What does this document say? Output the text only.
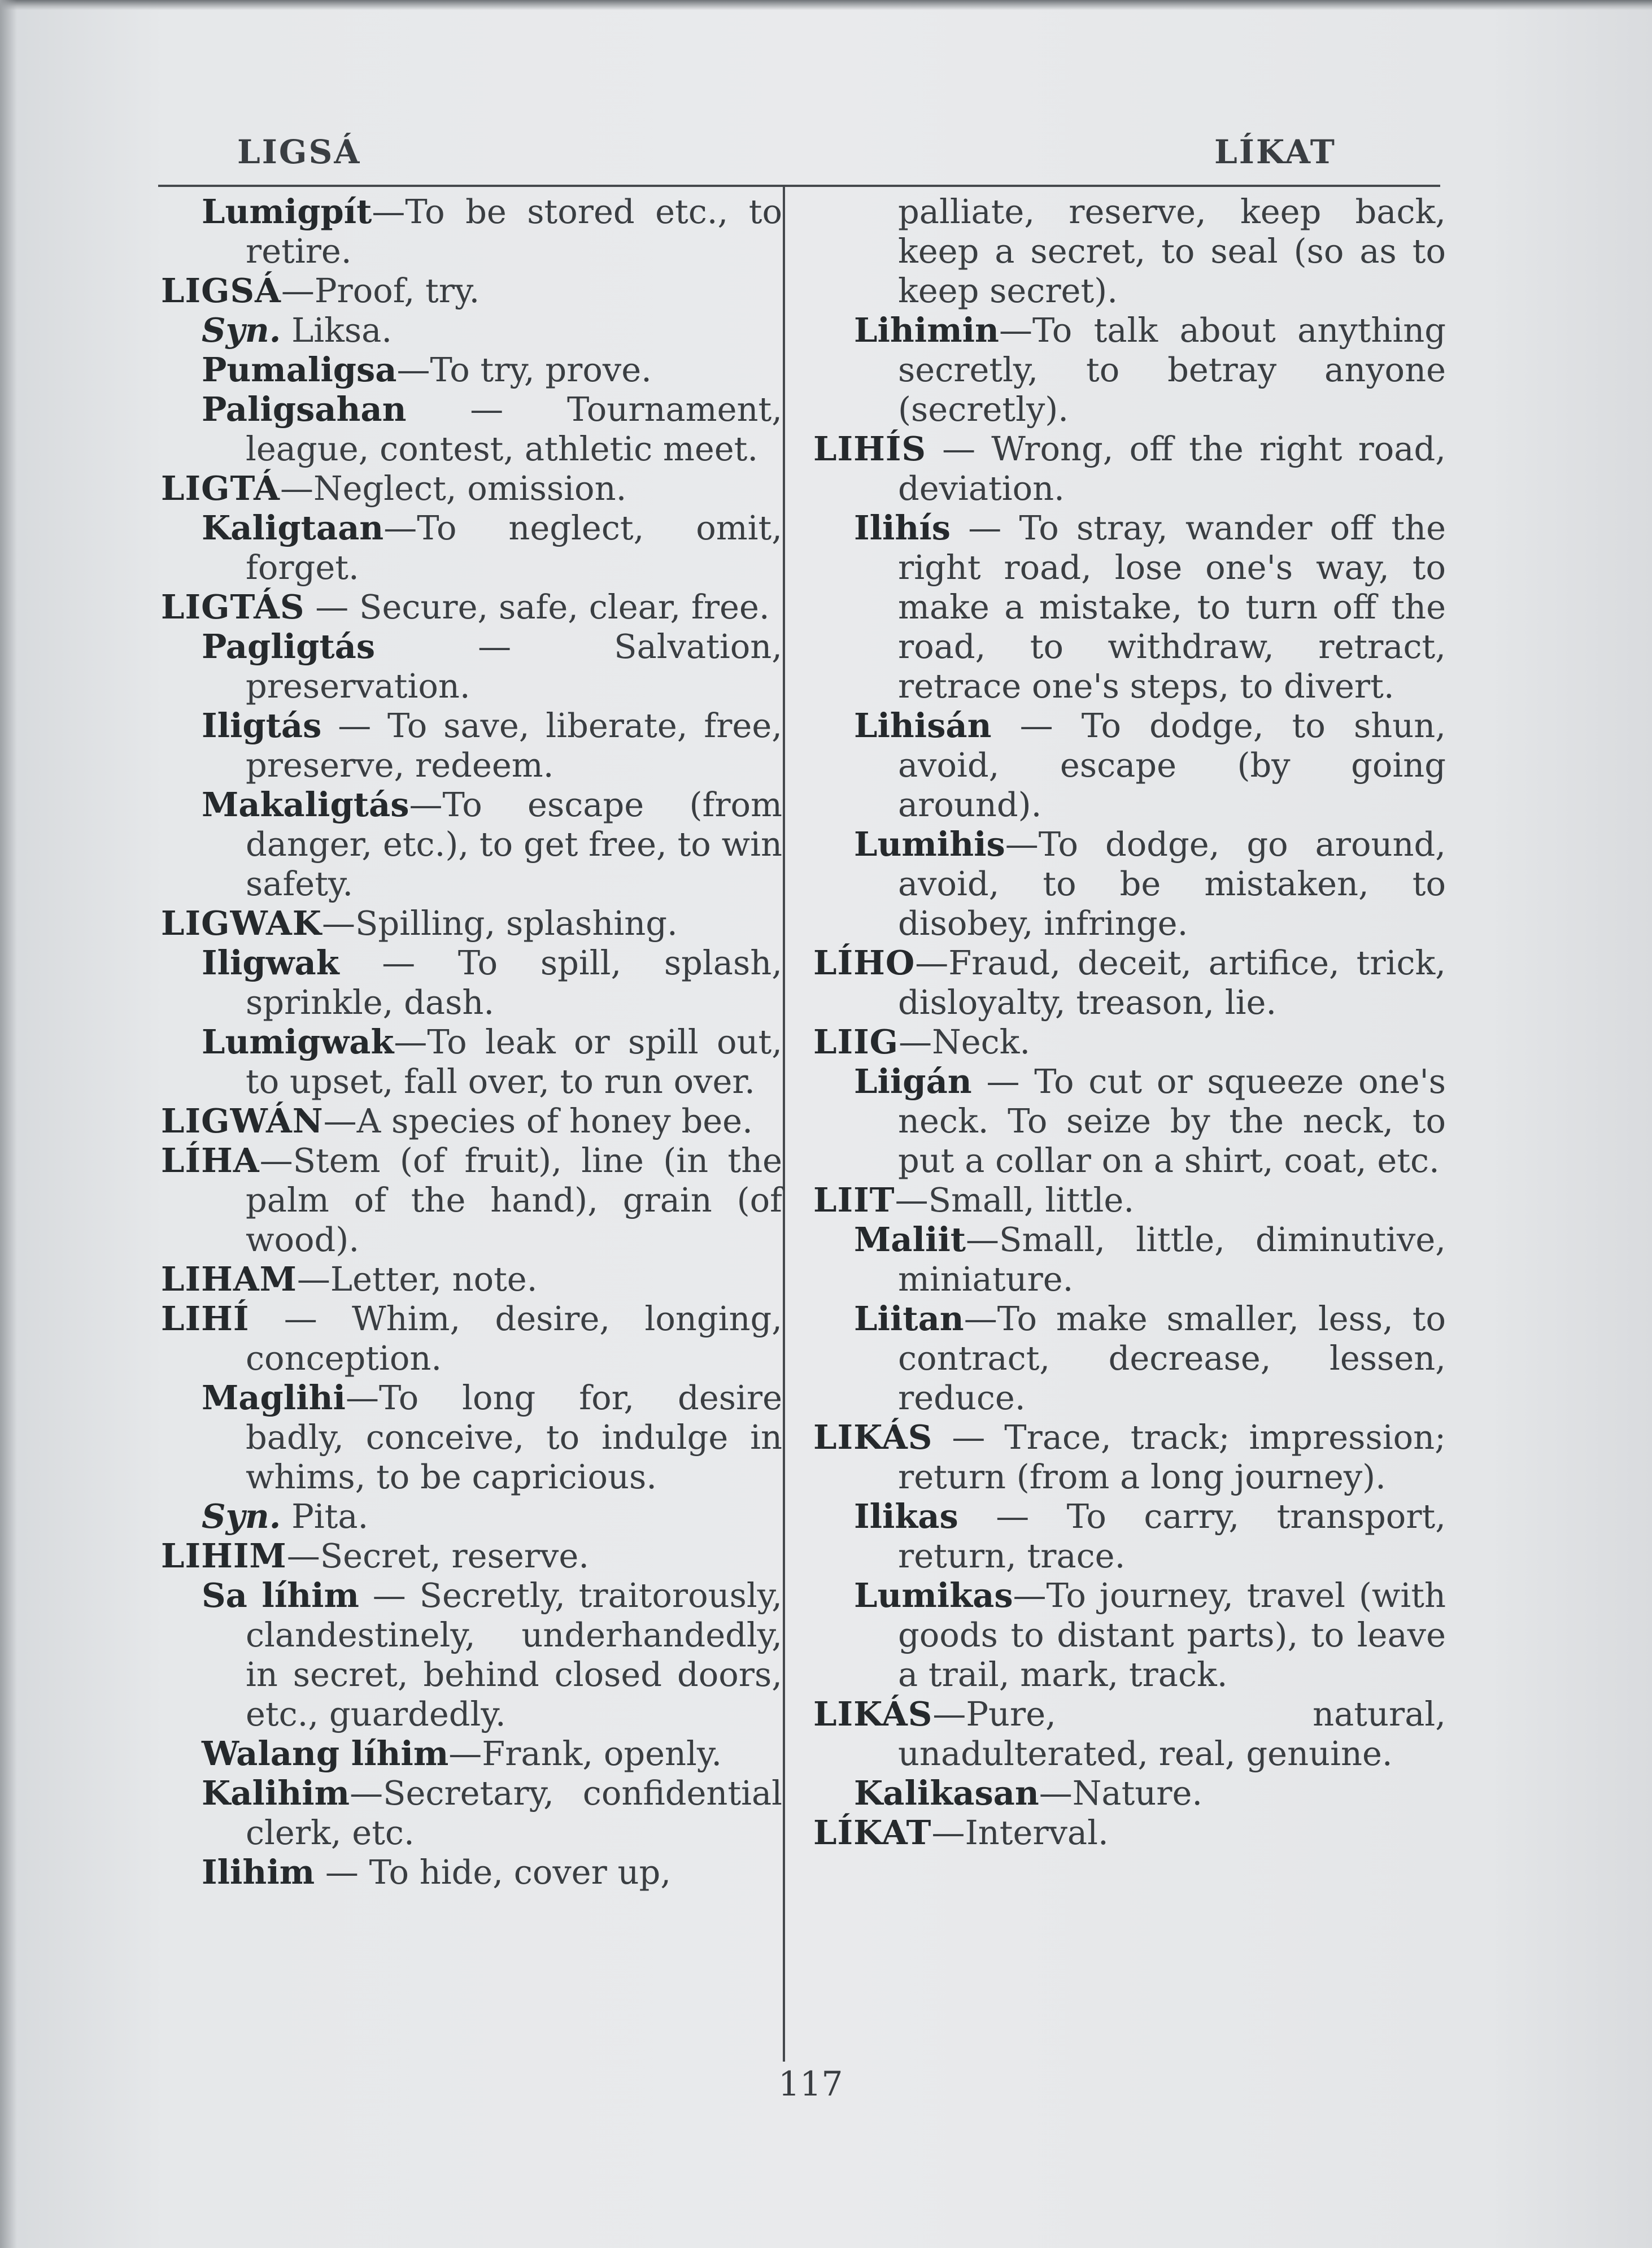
LIGSÁ	LÍKAT

Lumigpít—To be stored etc., to retire.

LIGSÁ—Proof, try.

Syn. Liksa.

Pumaligsa—To try, prove.

Paligsahan — Tournament, league, contest, athletic meet.

LIGTÁ—Neglect, omission.

Kaligtaan—To neglect, omit, forget.

LIGTÁS — Secure, safe, clear, free.

Pagligtás — Salvation, preservation.

Iligtás — To save, liberate, free, preserve, redeem.

Makaligtás—To escape (from danger, etc.), to get free, to win safety.

LIGWAK—Spilling, splashing.

Iligwak — To spill, splash, sprinkle, dash.

Lumigwak—To leak or spill out, to upset, fall over, to run over.

LIGWÁN—A species of honey bee.

LÍHA—Stem (of fruit), line (in the palm of the hand), grain (of wood).

LIHAM—Letter, note.

LIHÍ — Whim, desire, longing, conception.

Maglihi—To long for, desire badly, conceive, to indulge in whims, to be capricious.

Syn. Pita.

LIHIM—Secret, reserve.

Sa líhim — Secretly, traitorously, clandestinely, underhandedly, in secret, behind closed doors, etc., guardedly.

Walang líhim—Frank, openly.

Kalihim—Secretary, confidential clerk, etc.

Ilihim — To hide, cover up,

palliate, reserve, keep back, keep a secret, to seal (so as to keep secret).

Lihimin—To talk about anything secretly, to betray anyone (secretly).

LIHÍS — Wrong, off the right road, deviation.

Ilihís — To stray, wander off the right road, lose one's way, to make a mistake, to turn off the road, to withdraw, retract, retrace one's steps, to divert.

Lihisán — To dodge, to shun, avoid, escape (by going around).

Lumihis—To dodge, go around, avoid, to be mistaken, to disobey, infringe.

LÍHO—Fraud, deceit, artifice, trick, disloyalty, treason, lie.

LIIG—Neck.

Liigán — To cut or squeeze one's neck. To seize by the neck, to put a collar on a shirt, coat, etc.

LIIT—Small, little.

Maliit—Small, little, diminutive, miniature.

Liitan—To make smaller, less, to contract, decrease, lessen, reduce.

LIKÁS — Trace, track; impression; return (from a long journey).

Ilikas — To carry, transport, return, trace.

Lumikas—To journey, travel (with goods to distant parts), to leave a trail, mark, track.

LIKÁS—Pure, natural, unadulterated, real, genuine.

Kalikasan—Nature.

LÍKAT—Interval.

117
